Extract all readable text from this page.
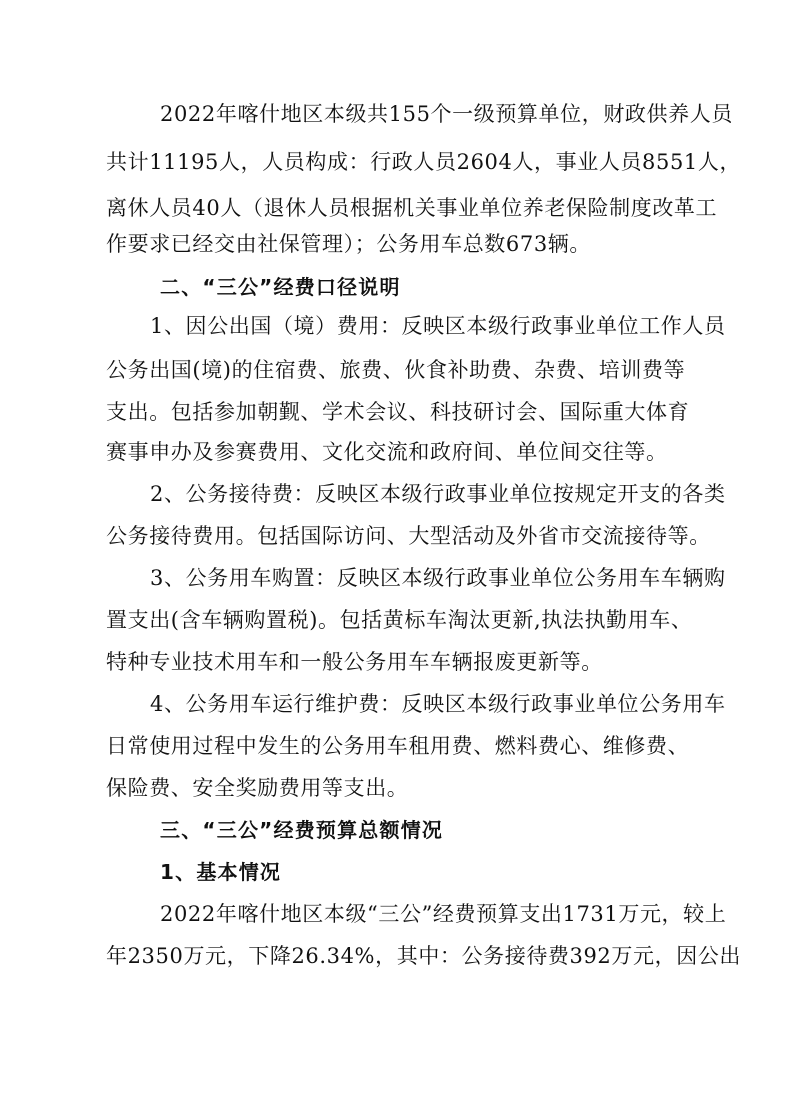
2022年喀什地区本级共155个一级预算单位，财政供养人员
共计11195人，人员构成：行政人员2604人，事业人员8551人，
离休人员40人（退休人员根据机关事业单位养老保险制度改革工
作要求已经交由社保管理）；公务用车总数673辆。
二、“三公”经费口径说明
1、因公出国（境）费用：反映区本级行政事业单位工作人员
公务出国(境)的住宿费、旅费、伙食补助费、杂费、培训费等
支出。包括参加朝觐、学术会议、科技研讨会、国际重大体育
赛事申办及参赛费用、文化交流和政府间、单位间交往等。
2、公务接待费：反映区本级行政事业单位按规定开支的各类
公务接待费用。包括国际访问、大型活动及外省市交流接待等。
3、公务用车购置：反映区本级行政事业单位公务用车车辆购
置支出(含车辆购置税)。包括黄标车淘汰更新,执法执勤用车、
特种专业技术用车和一般公务用车车辆报废更新等。
4、公务用车运行维护费：反映区本级行政事业单位公务用车
日常使用过程中发生的公务用车租用费、燃料费心、维修费、
保险费、安全奖励费用等支出。
三、“三公”经费预算总额情况
1、基本情况
2022年喀什地区本级“三公”经费预算支出1731万元，较上
年2350万元，下降26.34%，其中：公务接待费392万元，因公出
